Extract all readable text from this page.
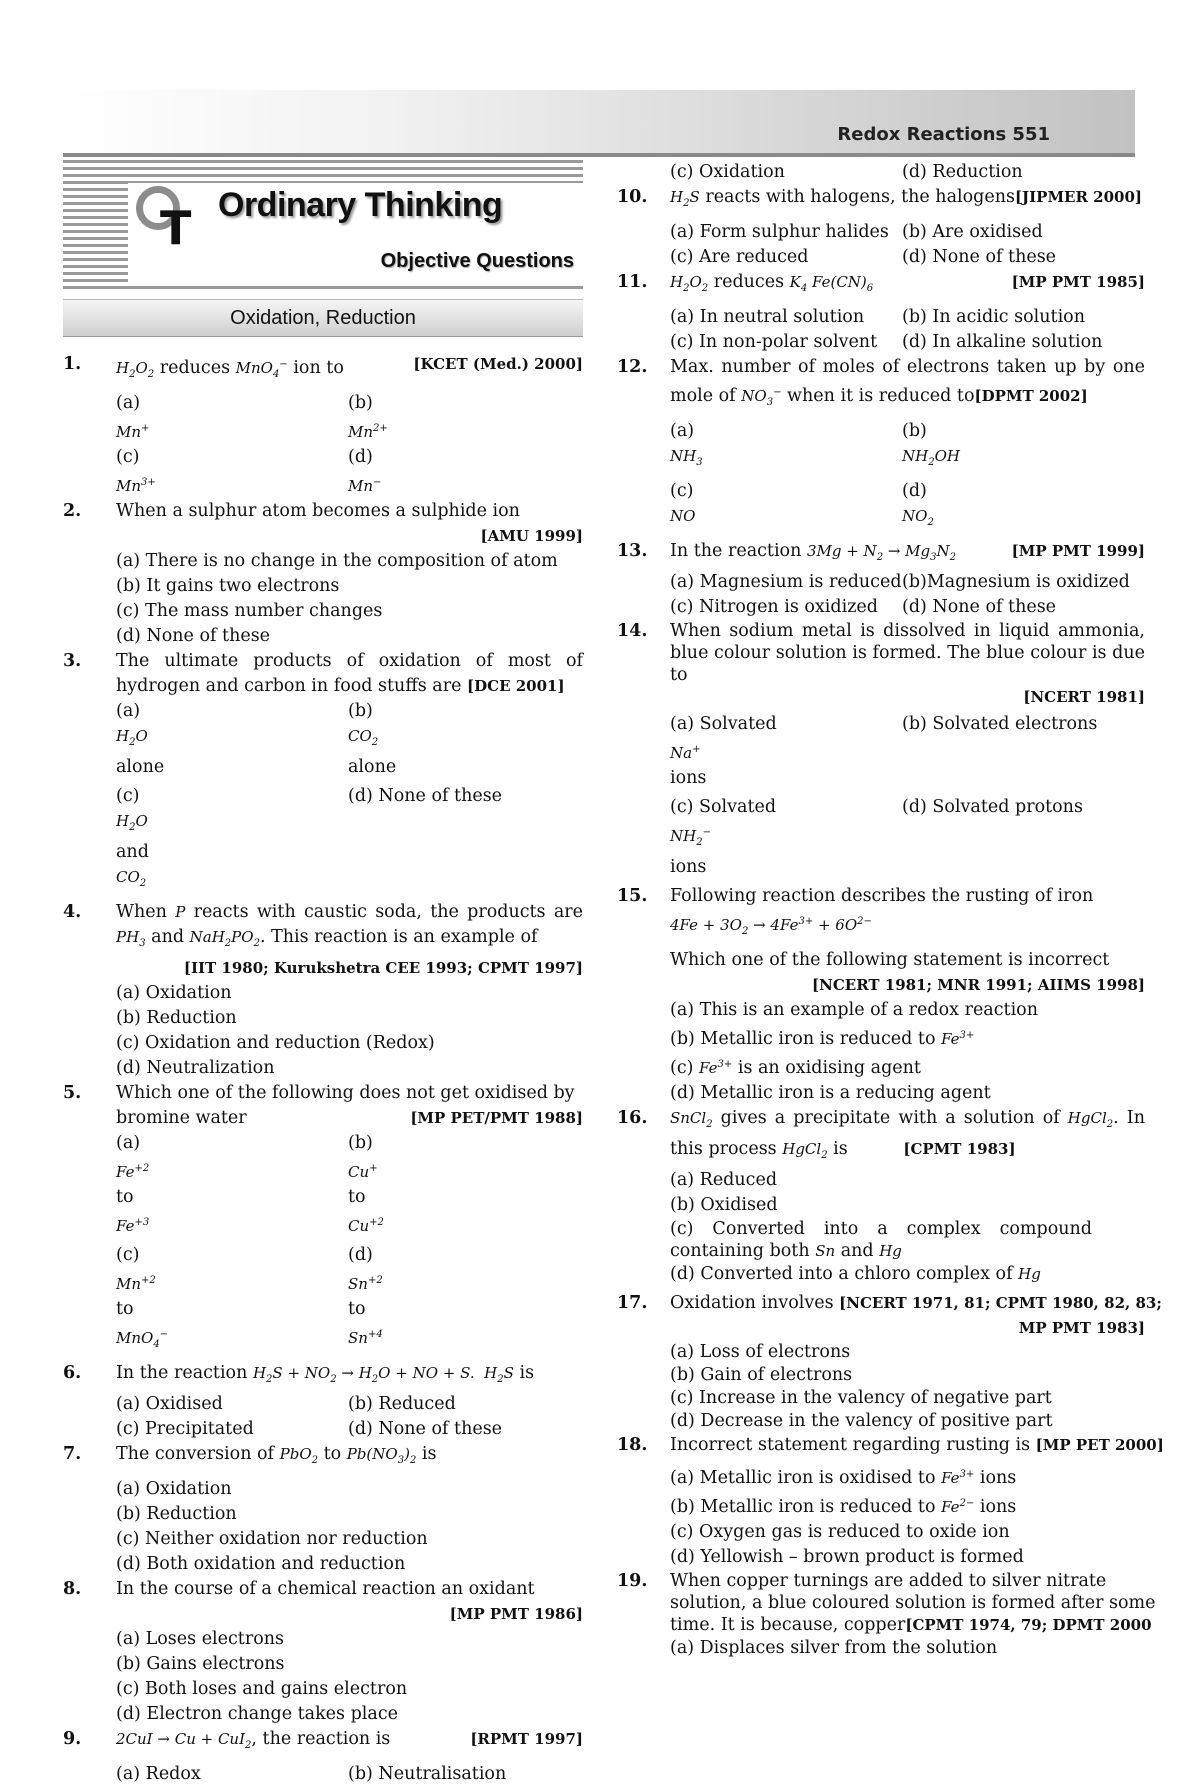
Redox Reactions 551
T Ordinary Thinking
Objective Questions
Oxidation, Reduction
1. $H_2O_2$ reduces MnO$_4$− ion to	[KCET (Med.) 2000]
(a)
Mn+
(b)
$Mn^{2+}$
(c)
$Mn^{3+}$
(d)
Mn−
2. When a sulphur atom becomes a sulphide ion
[AMU 1999]
(a) There is no change in the composition of atom
(b) It gains two electrons
(c) The mass number changes
(d) None of these
3. The ultimate products of oxidation of most of hydrogen and carbon in food stuffs are [DCE 2001]
(a)
$H_2O$
alone
(b)
$CO_2$
alone
(c)
$H_2O$
and
$CO_2$
(d) None of these
4. When P reacts with caustic soda, the products are $PH_3$ and $NaH_2PO_2$. This reaction is an example of
[IIT 1980; Kurukshetra CEE 1993; CPMT 1997]
(a) Oxidation
(b) Reduction
(c) Oxidation and reduction (Redox)
(d) Neutralization
5. Which one of the following does not get oxidised by bromine water	[MP PET/PMT 1988]
(a)
$Fe^{+2}$
to
$Fe^{+3}$
(b)
Cu+
to
$Cu^{+2}$
(c)
$Mn^{+2}$
to
MnO$_4$−
(d)
$Sn^{+2}$
to
$Sn^{+4}$
6. In the reaction $H_2S + NO_2 \to H_2O$ + NO + S.  $H_2S$ is
(a) Oxidised	(b) Reduced
(c) Precipitated	(d) None of these
7. The conversion of PbO$_2$ to $Pb(NO_3)_2$ is
(a) Oxidation
(b) Reduction
(c) Neither oxidation nor reduction
(d) Both oxidation and reduction
8. In the course of a chemical reaction an oxidant
[MP PMT 1986]
(a) Loses electrons
(b) Gains electrons
(c) Both loses and gains electron
(d) Electron change takes place
9. 2CuI → Cu + CuI$_2$, the reaction is	[RPMT 1997]
(a) Redox	(b) Neutralisation
(c) Oxidation	(d) Reduction
10. $H_2S$ reacts with halogens, the halogens[JIPMER 2000]
(a) Form sulphur halides (b) Are oxidised
(c) Are reduced	(d) None of these
11. $H_2O_2$ reduces $K_4$ $Fe(CN)_6$	[MP PMT 1985]
(a) In neutral solution	(b) In acidic solution
(c) In non-polar solvent	(d) In alkaline solution
12. Max. number of moles of electrons taken up by one mole of $NO_3^-$ when it is reduced to[DPMT 2002]
(a)
$NH_3$
(b)
$NH_2OH$
(c)
NO
(d)
$NO_2$
13. In the reaction $3Mg + N_2 \to Mg_3N_2$	[MP PMT 1999]
(a) Magnesium is reduced (b)Magnesium is oxidized
(c) Nitrogen is oxidized	(d) None of these
14. When sodium metal is dissolved in liquid ammonia, blue colour solution is formed. The blue colour is due to
[NCERT 1981]
(a) Solvated
Na+
ions
(b) Solvated electrons
(c) Solvated
$NH_2^-$
ions
(d) Solvated protons
15. Following reaction describes the rusting of iron
$4Fe + 3O_2 \to 4Fe^{3+} + 6O^{2-}$
Which one of the following statement is incorrect
[NCERT 1981; MNR 1991; AIIMS 1998]
(a) This is an example of a redox reaction
(b) Metallic iron is reduced to $Fe^{3+}$
(c) $Fe^{3+}$ is an oxidising agent
(d) Metallic iron is a reducing agent
16. SnCl$_2$ gives a precipitate with a solution of HgCl$_2$. In this process HgCl$_2$ is	[CPMT 1983]
(a) Reduced
(b) Oxidised
(c) Converted into a complex compound containing both Sn and Hg
(d) Converted into a chloro complex of Hg
17. Oxidation involves [NCERT 1971, 81; CPMT 1980, 82, 83;
MP PMT 1983]
(a) Loss of electrons
(b) Gain of electrons
(c) Increase in the valency of negative part
(d) Decrease in the valency of positive part
18. Incorrect statement regarding rusting is [MP PET 2000]
(a) Metallic iron is oxidised to $Fe^{3+}$ ions
(b) Metallic iron is reduced to $Fe^{2-}$ ions
(c) Oxygen gas is reduced to oxide ion
(d) Yellowish – brown product is formed
19. When copper turnings are added to silver nitrate solution, a blue coloured solution is formed after some time. It is because, copper[CPMT 1974, 79; DPMT 2000
(a) Displaces silver from the solution
